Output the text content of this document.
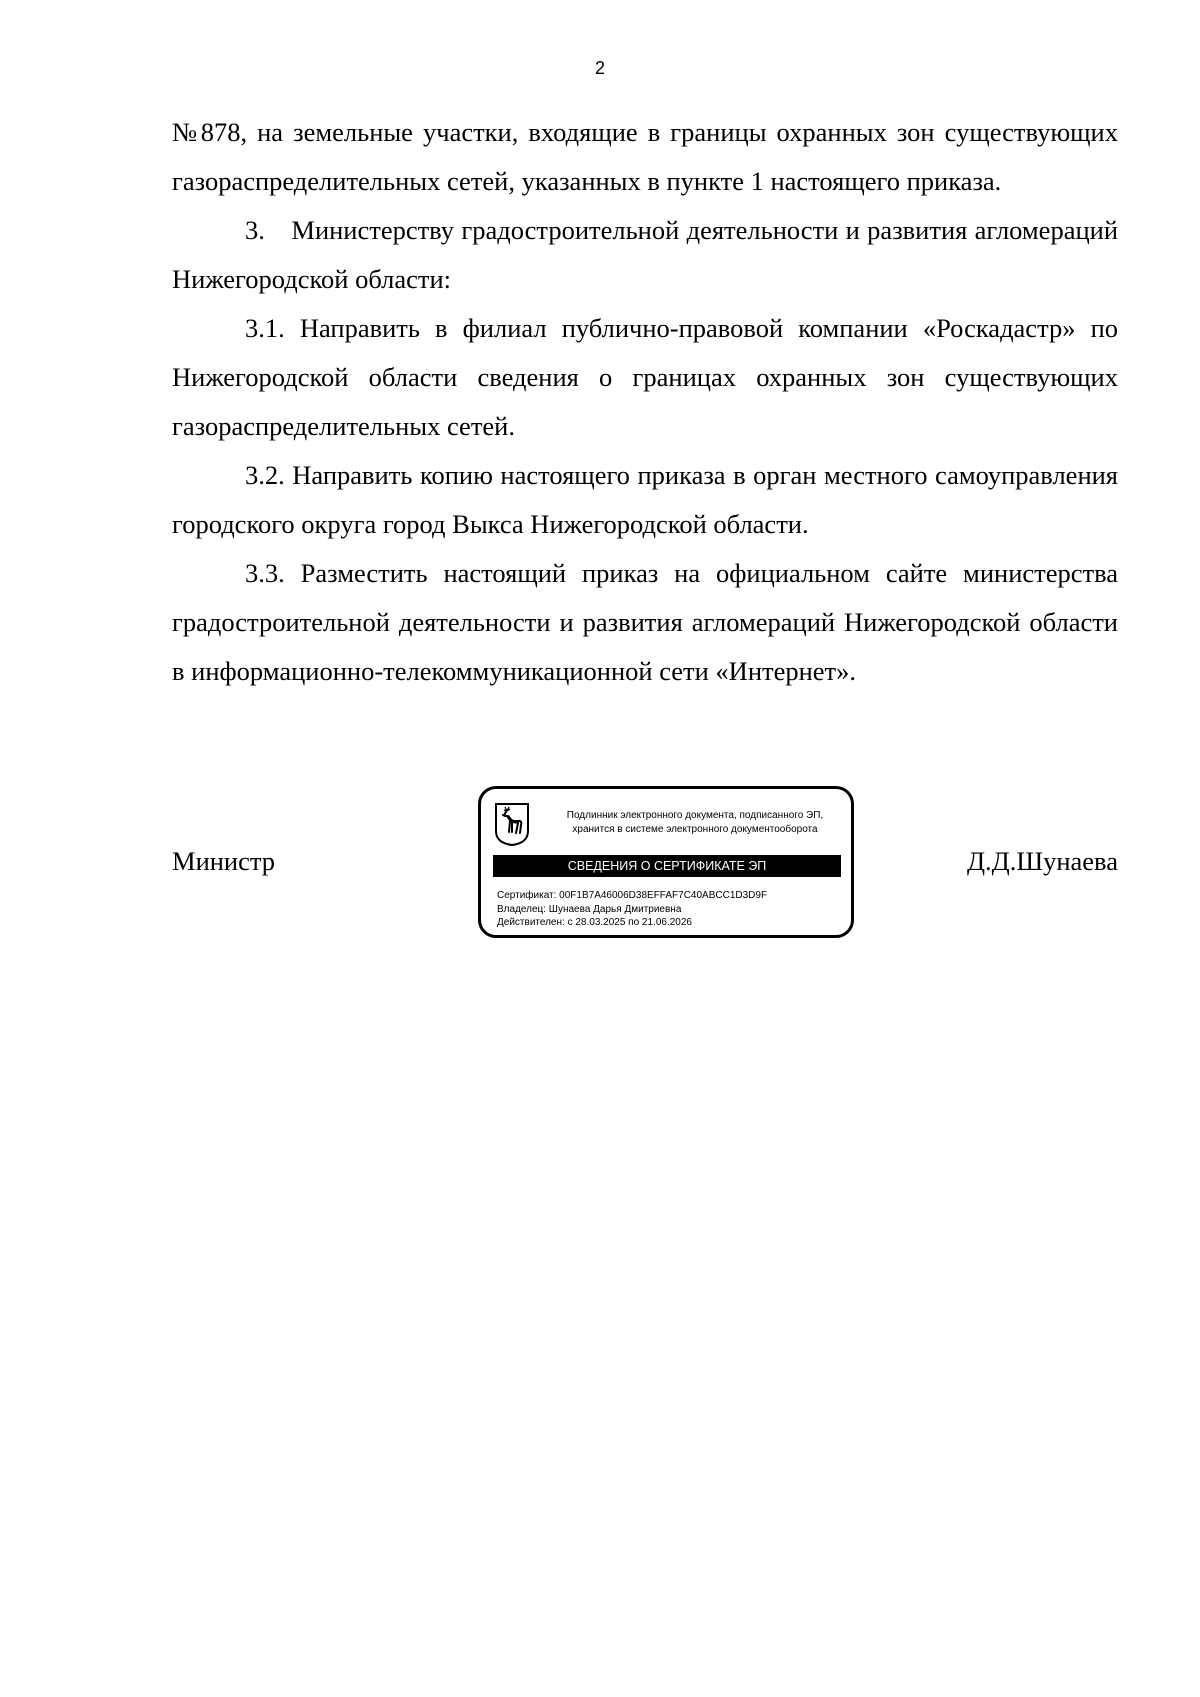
2

№878, на земельные участки, входящие в границы охранных зон существующих газораспределительных сетей, указанных в пункте 1 настоящего приказа.

3. Министерству градостроительной деятельности и развития агломераций Нижегородской области:

3.1. Направить в филиал публично-правовой компании «Роскадастр» по Нижегородской области сведения о границах охранных зон существующих газораспределительных сетей.

3.2. Направить копию настоящего приказа в орган местного самоуправления городского округа город Выкса Нижегородской области.

3.3. Разместить настоящий приказ на официальном сайте министерства градостроительной деятельности и развития агломераций Нижегородской области в информационно-телекоммуникационной сети «Интернет».

Министр
Подлинник электронного документа, подписанного ЭП,
хранится в системе электронного документооборота
СВЕДЕНИЯ О СЕРТИФИКАТЕ ЭП
Сертификат: 00F1B7A46006D38EFFAF7C40ABCC1D3D9F
Владелец: Шунаева Дарья Дмитриевна
Действителен: с 28.03.2025 по 21.06.2026
Д.Д.Шунаева
